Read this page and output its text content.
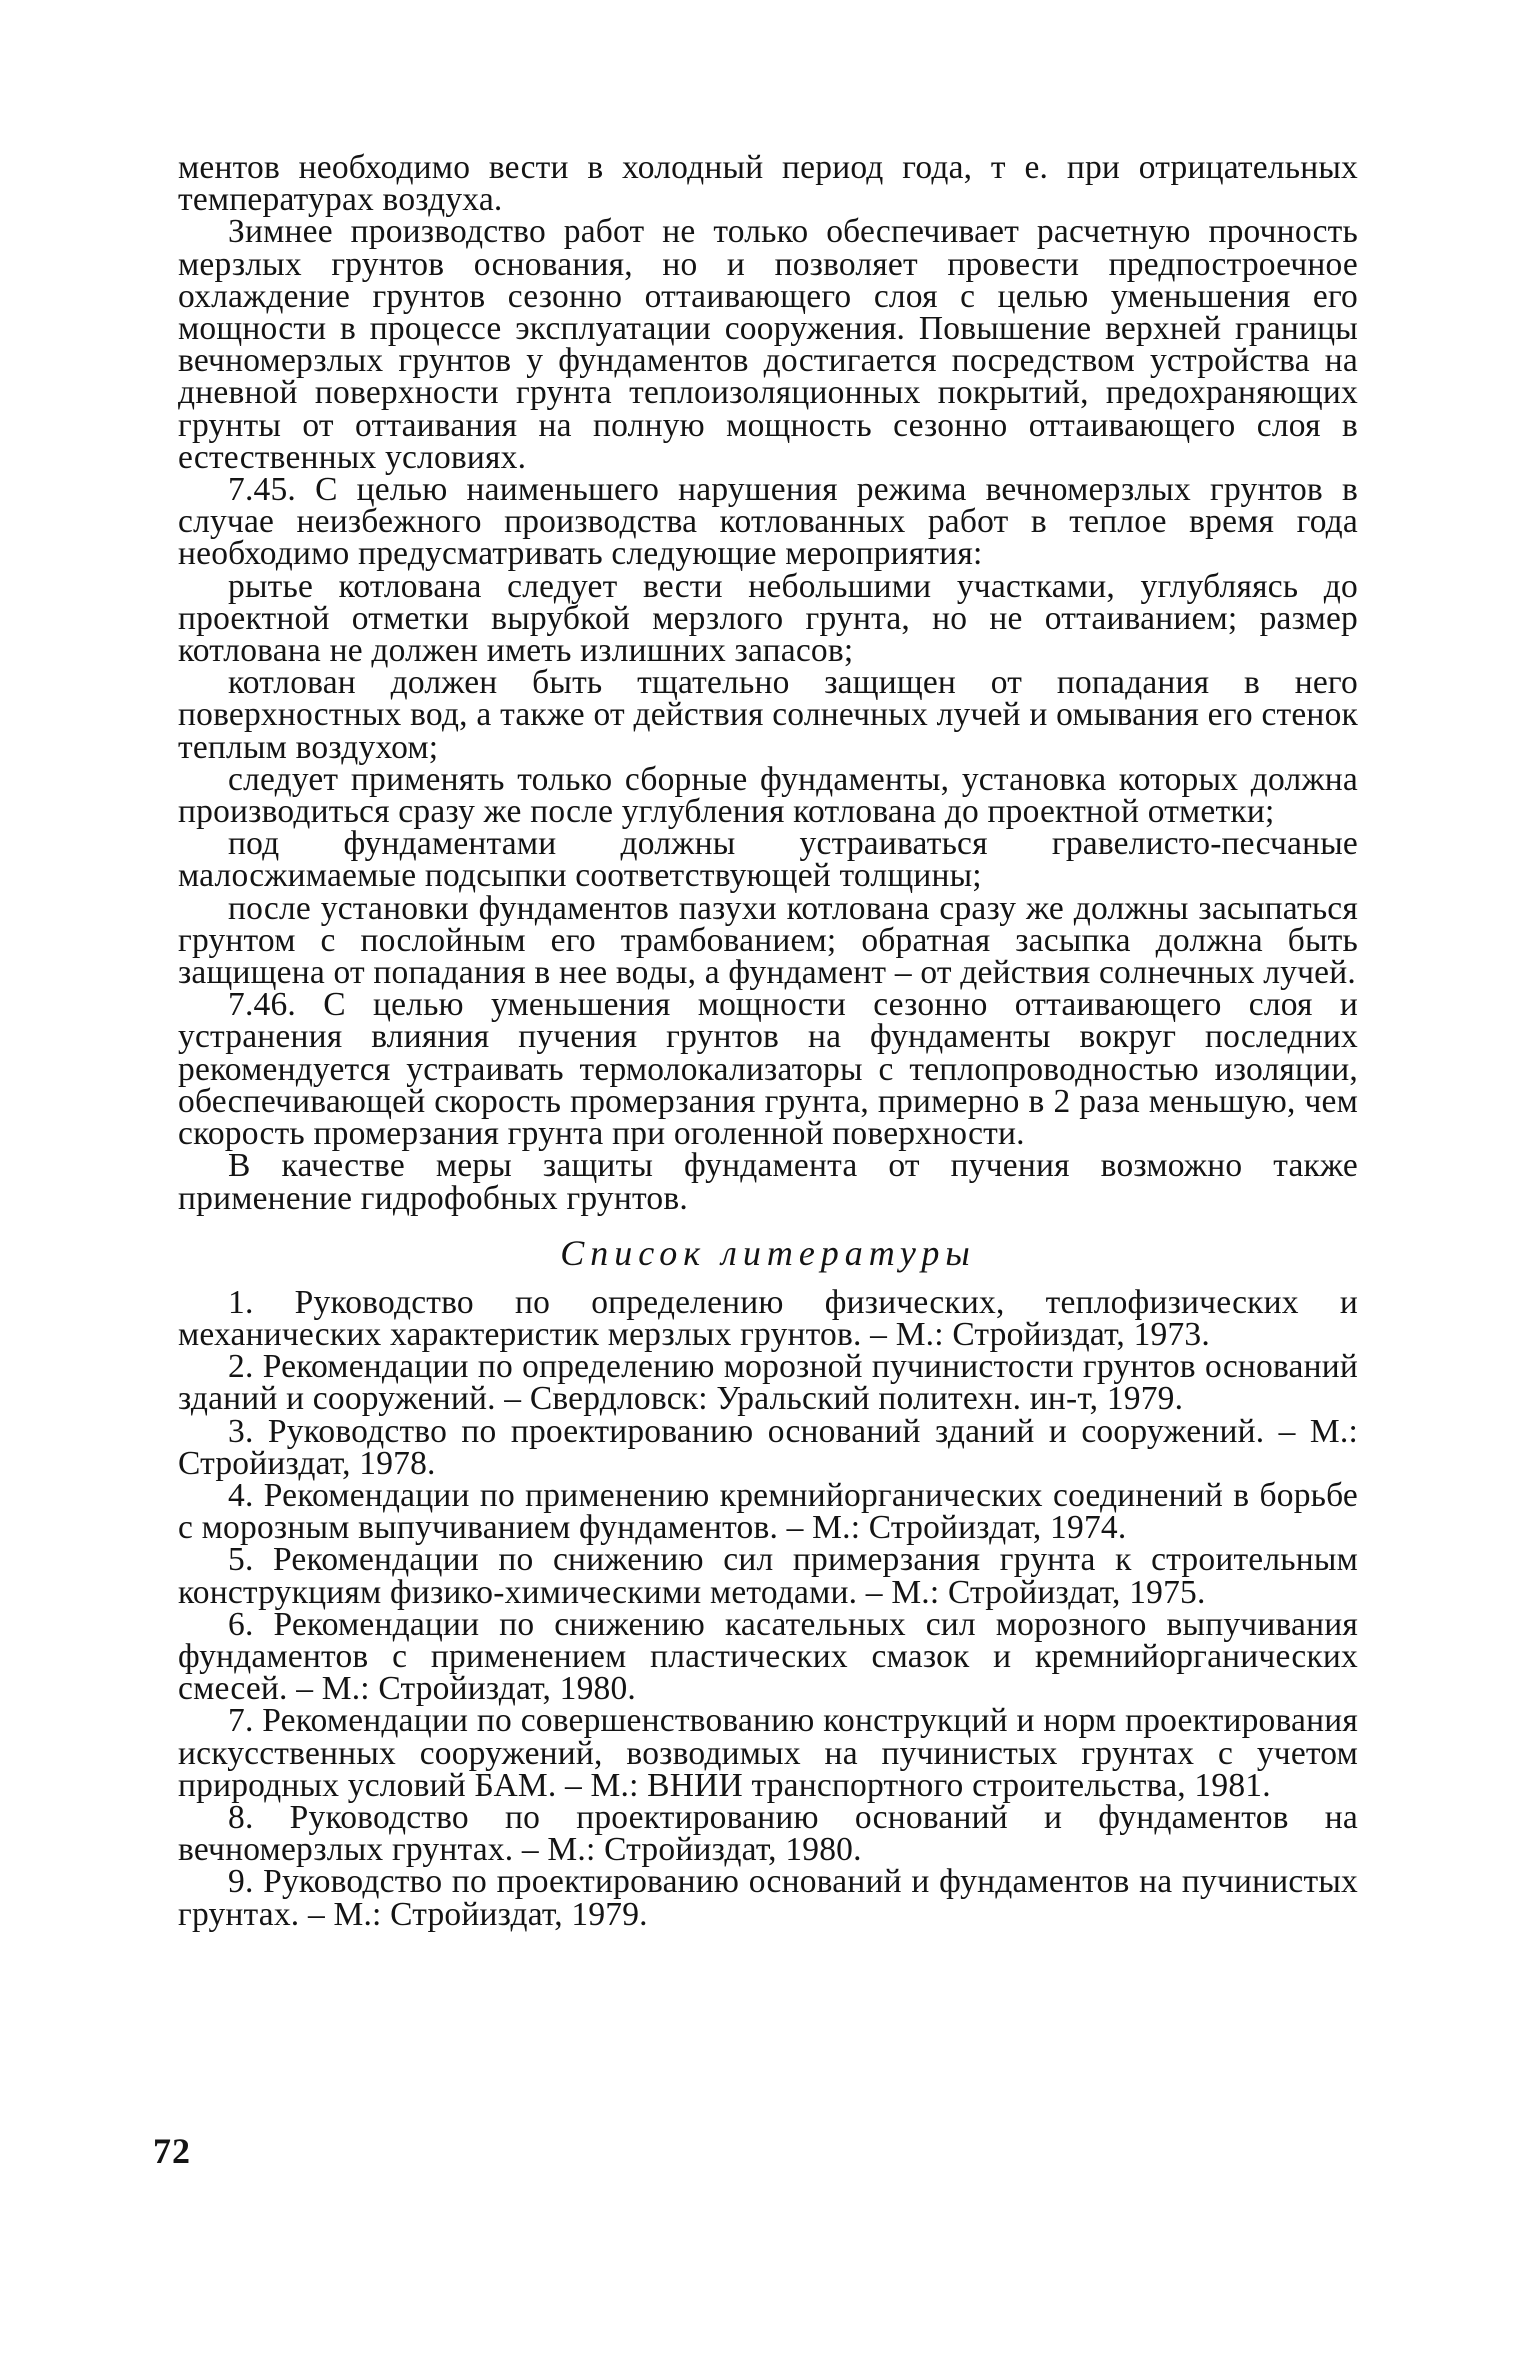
ментов необходимо вести в холодный период года, т е. при отрицательных температурах воздуха.

Зимнее производство работ не только обеспечивает расчетную прочность мерзлых грунтов основания, но и позволяет провести предпостроечное охлаждение грунтов сезонно оттаивающего слоя с целью уменьшения его мощности в процессе эксплуатации сооружения. Повышение верхней границы вечномерзлых грунтов у фундаментов достигается посредством устройства на дневной поверхности грунта теплоизоляционных покрытий, предохраняющих грунты от оттаивания на полную мощность сезонно оттаивающего слоя в естественных условиях.

7.45. С целью наименьшего нарушения режима вечномерзлых грунтов в случае неизбежного производства котлованных работ в теплое время года необходимо предусматривать следующие мероприятия:

рытье котлована следует вести небольшими участками, углубляясь до проектной отметки вырубкой мерзлого грунта, но не оттаиванием; размер котлована не должен иметь излишних запасов;

котлован должен быть тщательно защищен от попадания в него поверхностных вод, а также от действия солнечных лучей и омывания его стенок теплым воздухом;

следует применять только сборные фундаменты, установка которых должна производиться сразу же после углубления котлована до проектной отметки;

под фундаментами должны устраиваться гравелисто-песчаные малосжимаемые подсыпки соответствующей толщины;

после установки фундаментов пазухи котлована сразу же должны засыпаться грунтом с послойным его трамбованием; обратная засыпка должна быть защищена от попадания в нее воды, а фундамент – от действия солнечных лучей.

7.46. С целью уменьшения мощности сезонно оттаивающего слоя и устранения влияния пучения грунтов на фундаменты вокруг последних рекомендуется устраивать термолокализаторы с теплопроводностью изоляции, обеспечивающей скорость промерзания грунта, примерно в 2 раза меньшую, чем скорость промерзания грунта при оголенной поверхности.

В качестве меры защиты фундамента от пучения возможно также применение гидрофобных грунтов.

Список литературы
1. Руководство по определению физических, теплофизических и механических характеристик мерзлых грунтов. – М.: Стройиздат, 1973.
2. Рекомендации по определению морозной пучинистости грунтов оснований зданий и сооружений. – Свердловск: Уральский политехн. ин-т, 1979.
3. Руководство по проектированию оснований зданий и сооружений. – М.: Стройиздат, 1978.
4. Рекомендации по применению кремнийорганических соединений в борьбе с морозным выпучиванием фундаментов. – М.: Стройиздат, 1974.
5. Рекомендации по снижению сил примерзания грунта к строительным конструкциям физико-химическими методами. – М.: Стройиздат, 1975.
6. Рекомендации по снижению касательных сил морозного выпучивания фундаментов с применением пластических смазок и кремнийорганических смесей. – М.: Стройиздат, 1980.
7. Рекомендации по совершенствованию конструкций и норм проектирования искусственных сооружений, возводимых на пучинистых грунтах с учетом природных условий БАМ. – М.: ВНИИ транспортного строительства, 1981.
8. Руководство по проектированию оснований и фундаментов на вечномерзлых грунтах. – М.: Стройиздат, 1980.
9. Руководство по проектированию оснований и фундаментов на пучинистых грунтах. – М.: Стройиздат, 1979.
72
